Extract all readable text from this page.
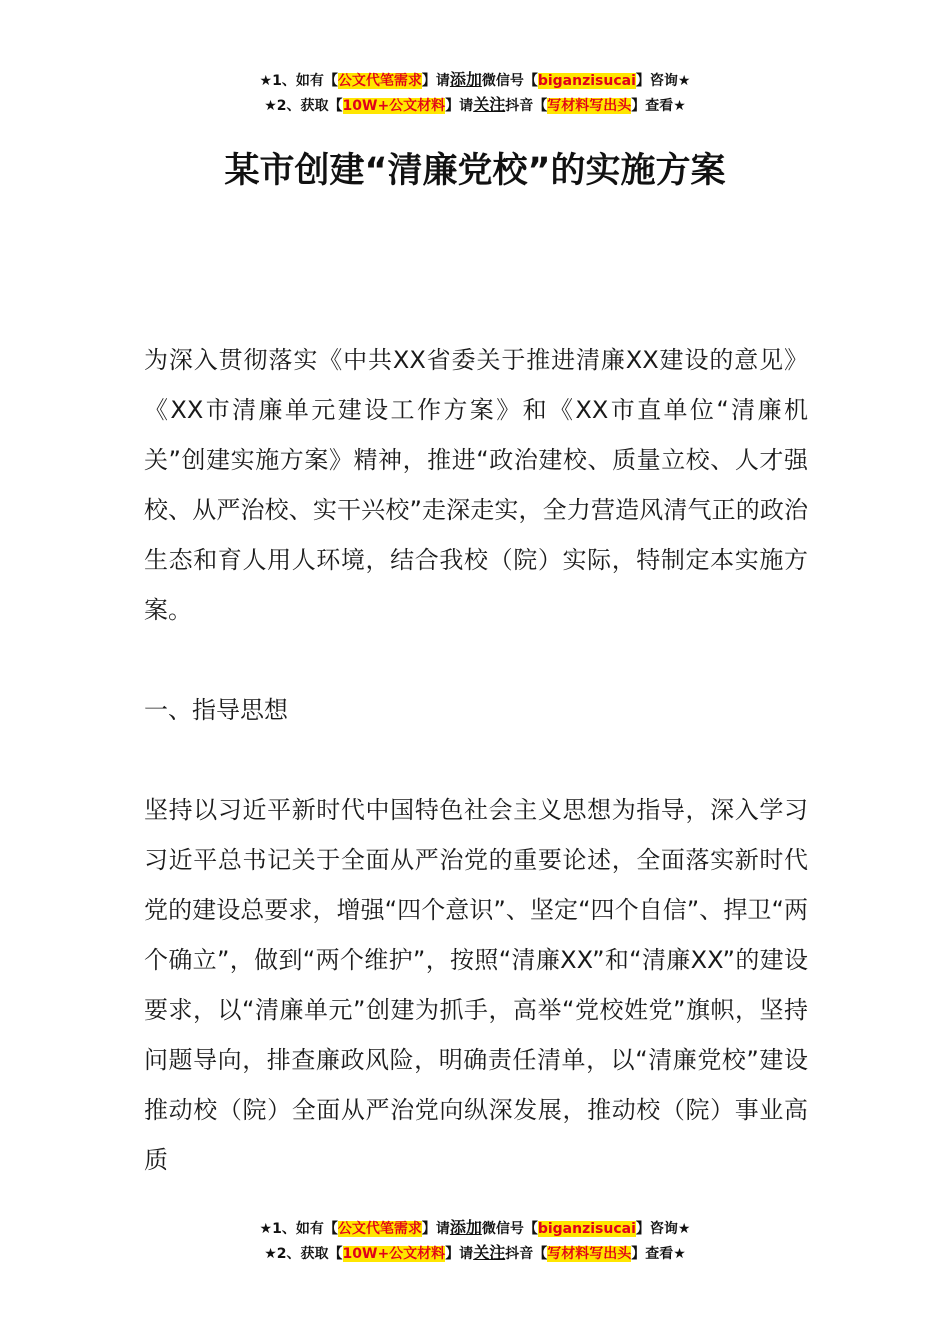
★1、如有【公文代笔需求】请添加微信号【biganzisucai】咨询★
★2、获取【10W+公文材料】请关注抖音【写材料写出头】查看★
某市创建“清廉党校”的实施方案

为深入贯彻落实《中共XX省委关于推进清廉XX建设的意见》《XX市清廉单元建设工作方案》和《XX市直单位“清廉机关”创建实施方案》精神，推进“政治建校、质量立校、人才强校、从严治校、实干兴校”走深走实，全力营造风清气正的政治生态和育人用人环境，结合我校（院）实际，特制定本实施方案。

一、指导思想

坚持以习近平新时代中国特色社会主义思想为指导，深入学习习近平总书记关于全面从严治党的重要论述，全面落实新时代党的建设总要求，增强“四个意识”、坚定“四个自信”、捍卫“两个确立”，做到“两个维护”，按照“清廉XX”和“清廉XX”的建设要求，以“清廉单元”创建为抓手，高举“党校姓党”旗帜，坚持问题导向，排查廉政风险，明确责任清单，以“清廉党校”建设推动校（院）全面从严治党向纵深发展，推动校（院）事业高质

★1、如有【公文代笔需求】请添加微信号【biganzisucai】咨询★
★2、获取【10W+公文材料】请关注抖音【写材料写出头】查看★
